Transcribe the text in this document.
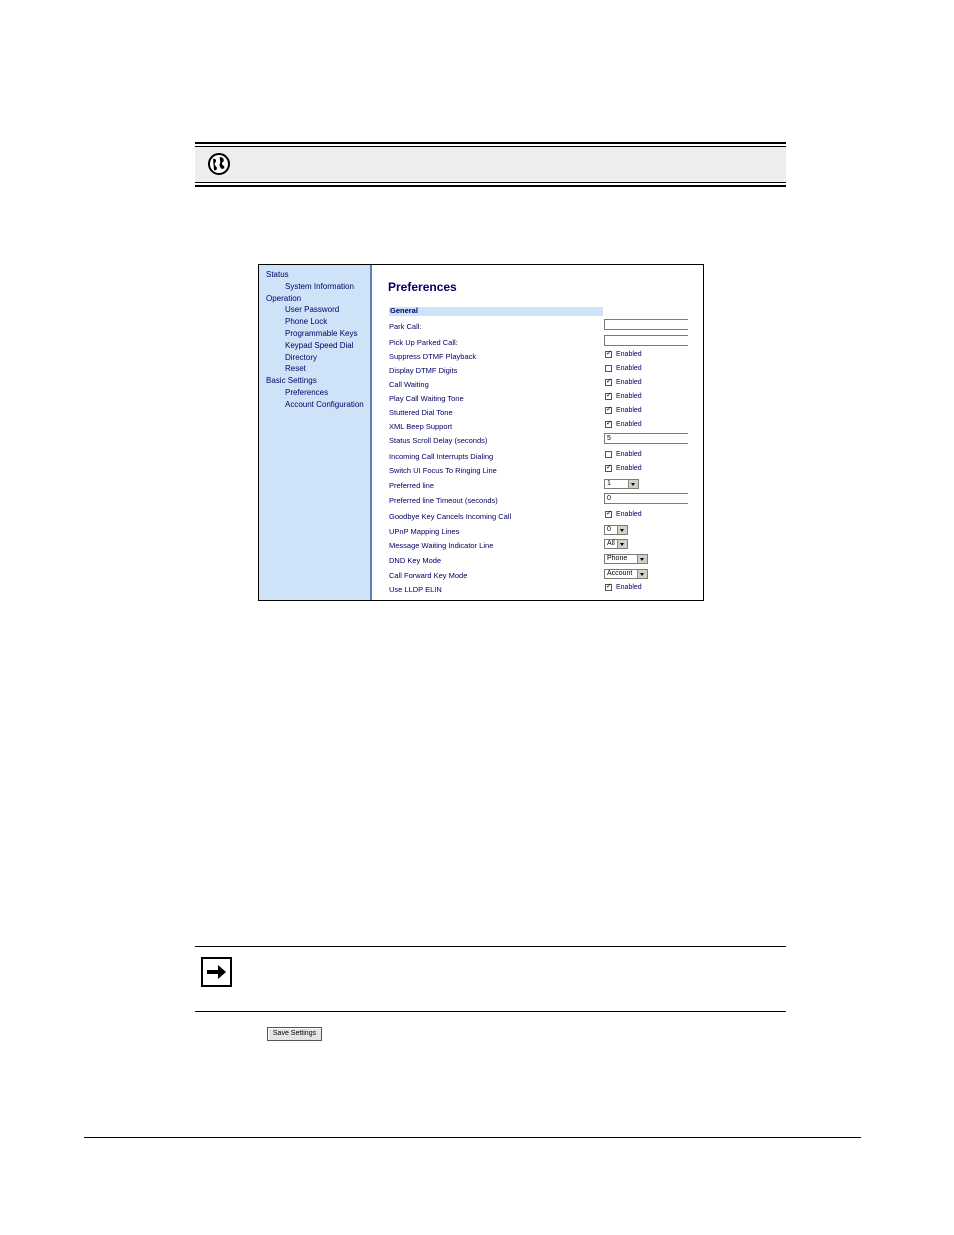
Status
System Information
Operation
User Password
Phone Lock
Programmable Keys
Keypad Speed Dial
Directory
Reset
Basic Settings
Preferences
Account Configuration
Preferences
General
Park Call:
Pick Up Parked Call:
Suppress DTMF Playback ✓	Enabled
Display DTMF Digits	Enabled
Call Waiting ✓	Enabled
Play Call Waiting Tone ✓	Enabled
Stuttered Dial Tone ✓	Enabled
XML Beep Support ✓	Enabled
Status Scroll Delay (seconds)	5
Incoming Call Interrupts Dialing	Enabled
Switch UI Focus To Ringing Line ✓	Enabled
Preferred line	1
Preferred line Timeout (seconds)	0
Goodbye Key Cancels Incoming Call ✓	Enabled
UPnP Mapping Lines	0
Message Waiting Indicator Line	All
DND Key Mode	Phone
Call Forward Key Mode	Account
Use LLDP ELIN ✓	Enabled
Save Settings
